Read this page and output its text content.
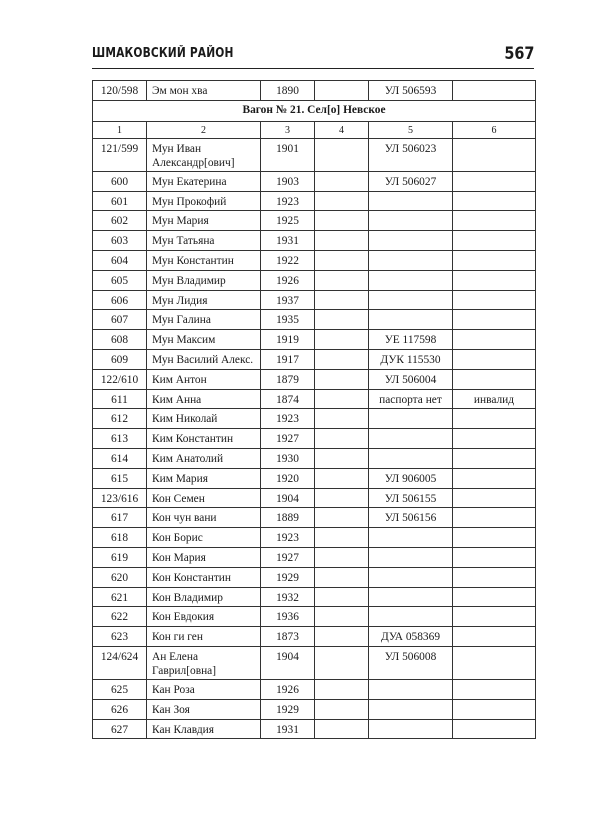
ШМАКОВСКИЙ РАЙОН	567
120/598	Эм мон хва	1890		УЛ 506593	
Вагон № 21. Сел[о] Невское					
1	2	3	4	5	6
121/599	Мун Иван Александр[ович]	1901		УЛ 506023	
600	Мун Екатерина	1903		УЛ 506027	
601	Мун Прокофий	1923			
602	Мун Мария	1925			
603	Мун Татьяна	1931			
604	Мун Константин	1922			
605	Мун Владимир	1926			
606	Мун Лидия	1937			
607	Мун Галина	1935			
608	Мун Максим	1919		УЕ 117598	
609	Мун Василий Алекс.	1917		ДУК 115530	
122/610	Ким Антон	1879		УЛ 506004	
611	Ким Анна	1874		паспорта нет	инвалид
612	Ким Николай	1923			
613	Ким Константин	1927			
614	Ким Анатолий	1930			
615	Ким Мария	1920		УЛ 906005	
123/616	Кон Семен	1904		УЛ 506155	
617	Кон чун вани	1889		УЛ 506156	
618	Кон Борис	1923			
619	Кон Мария	1927			
620	Кон Константин	1929			
621	Кон Владимир	1932			
622	Кон Евдокия	1936			
623	Кон ги ген	1873		ДУА 058369	
124/624	Ан Елена Гаврил[овна]	1904		УЛ 506008	
625	Кан Роза	1926			
626	Кан Зоя	1929			
627	Кан Клавдия	1931			
